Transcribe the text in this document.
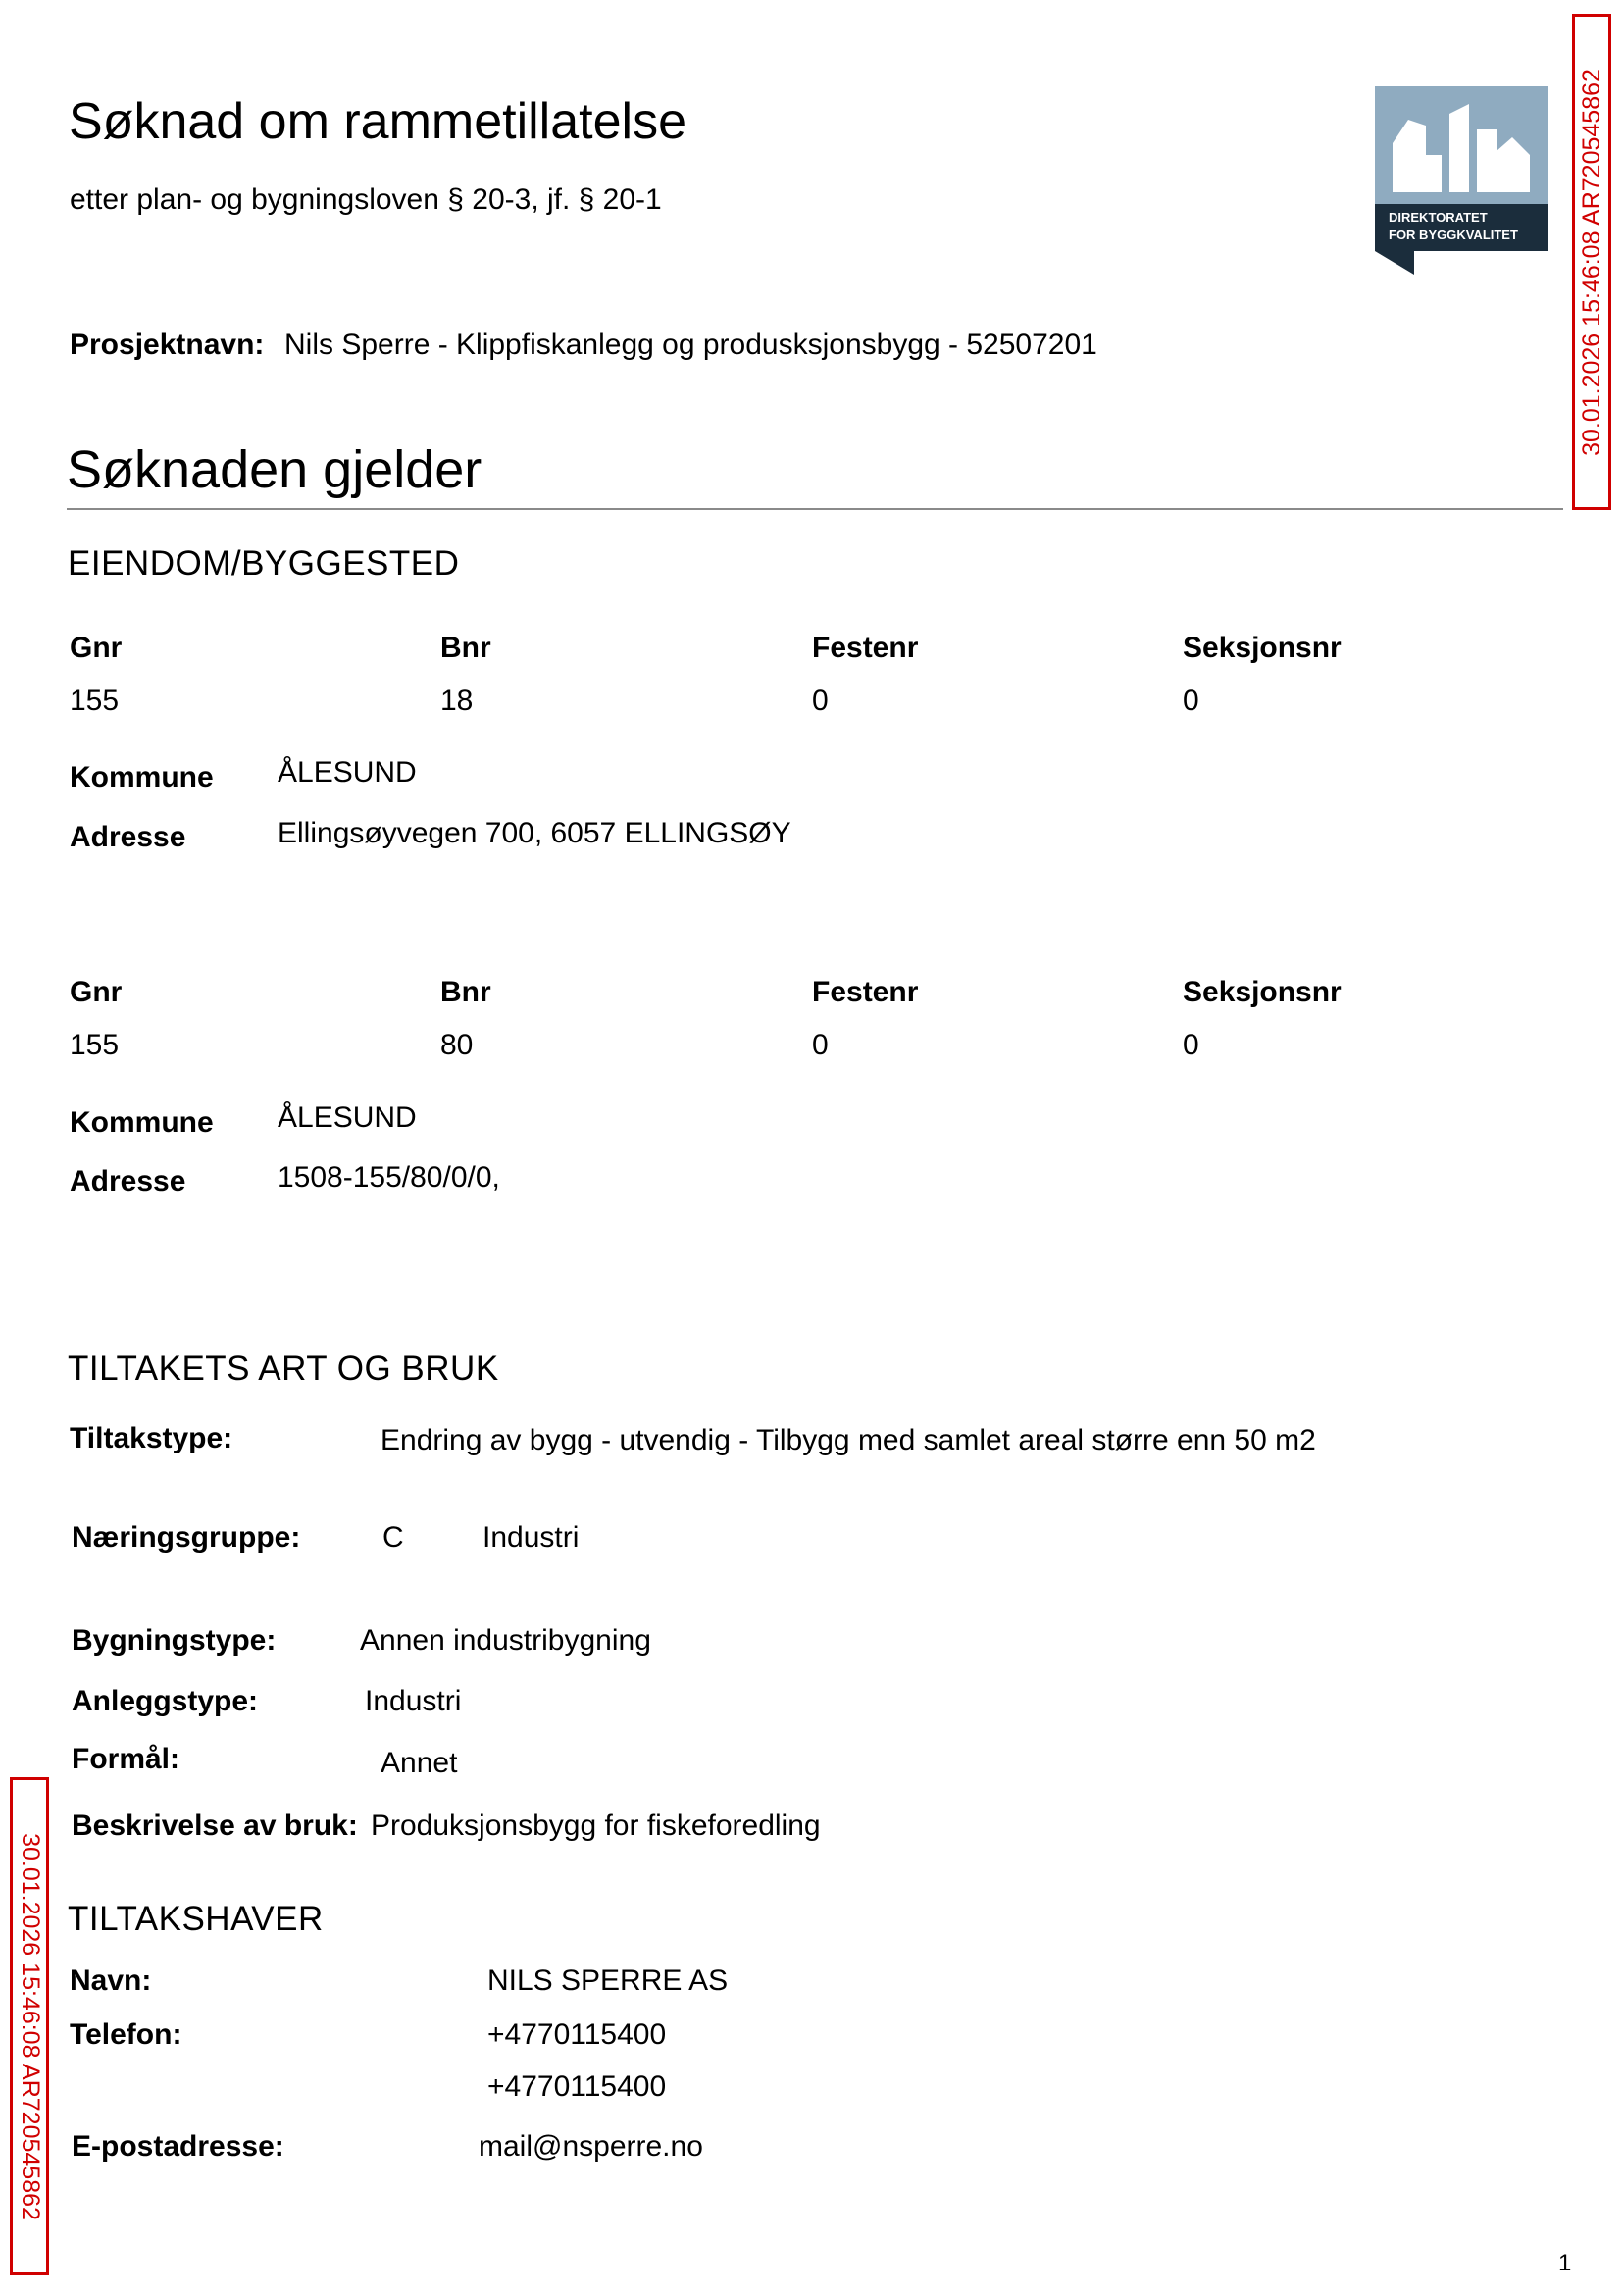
Søknad om rammetillatelse
etter plan- og bygningsloven § 20-3, jf. § 20-1
DIREKTORATET
FOR BYGGKVALITET 30.01.2026 15:46:08 AR720545862
30.01.2026 15:46:08 AR720545862
Prosjektnavn: Nils Sperre - Klippfiskanlegg og produsksjonsbygg - 52507201
Søknaden gjelder
EIENDOM/BYGGESTED
Gnr	Bnr	Festenr	Seksjonsnr
155	18	0	0
Kommune ÅLESUND
Adresse	Ellingsøyvegen 700, 6057 ELLINGSØY
Gnr	Bnr	Festenr	Seksjonsnr
155	80	0	0
Kommune ÅLESUND
Adresse	1508-155/80/0/0,
TILTAKETS ART OG BRUK
Tiltakstype:	Endring av bygg - utvendig - Tilbygg med samlet areal større enn 50 m2
Næringsgruppe:	C	Industri
Bygningstype:	Annen industribygning
Anleggstype:	Industri
Formål:	Annet
Beskrivelse av bruk: Produksjonsbygg for fiskeforedling
TILTAKSHAVER
Navn:	NILS SPERRE AS
Telefon:	+4770115400
+4770115400
E-postadresse:	mail@nsperre.no
1
